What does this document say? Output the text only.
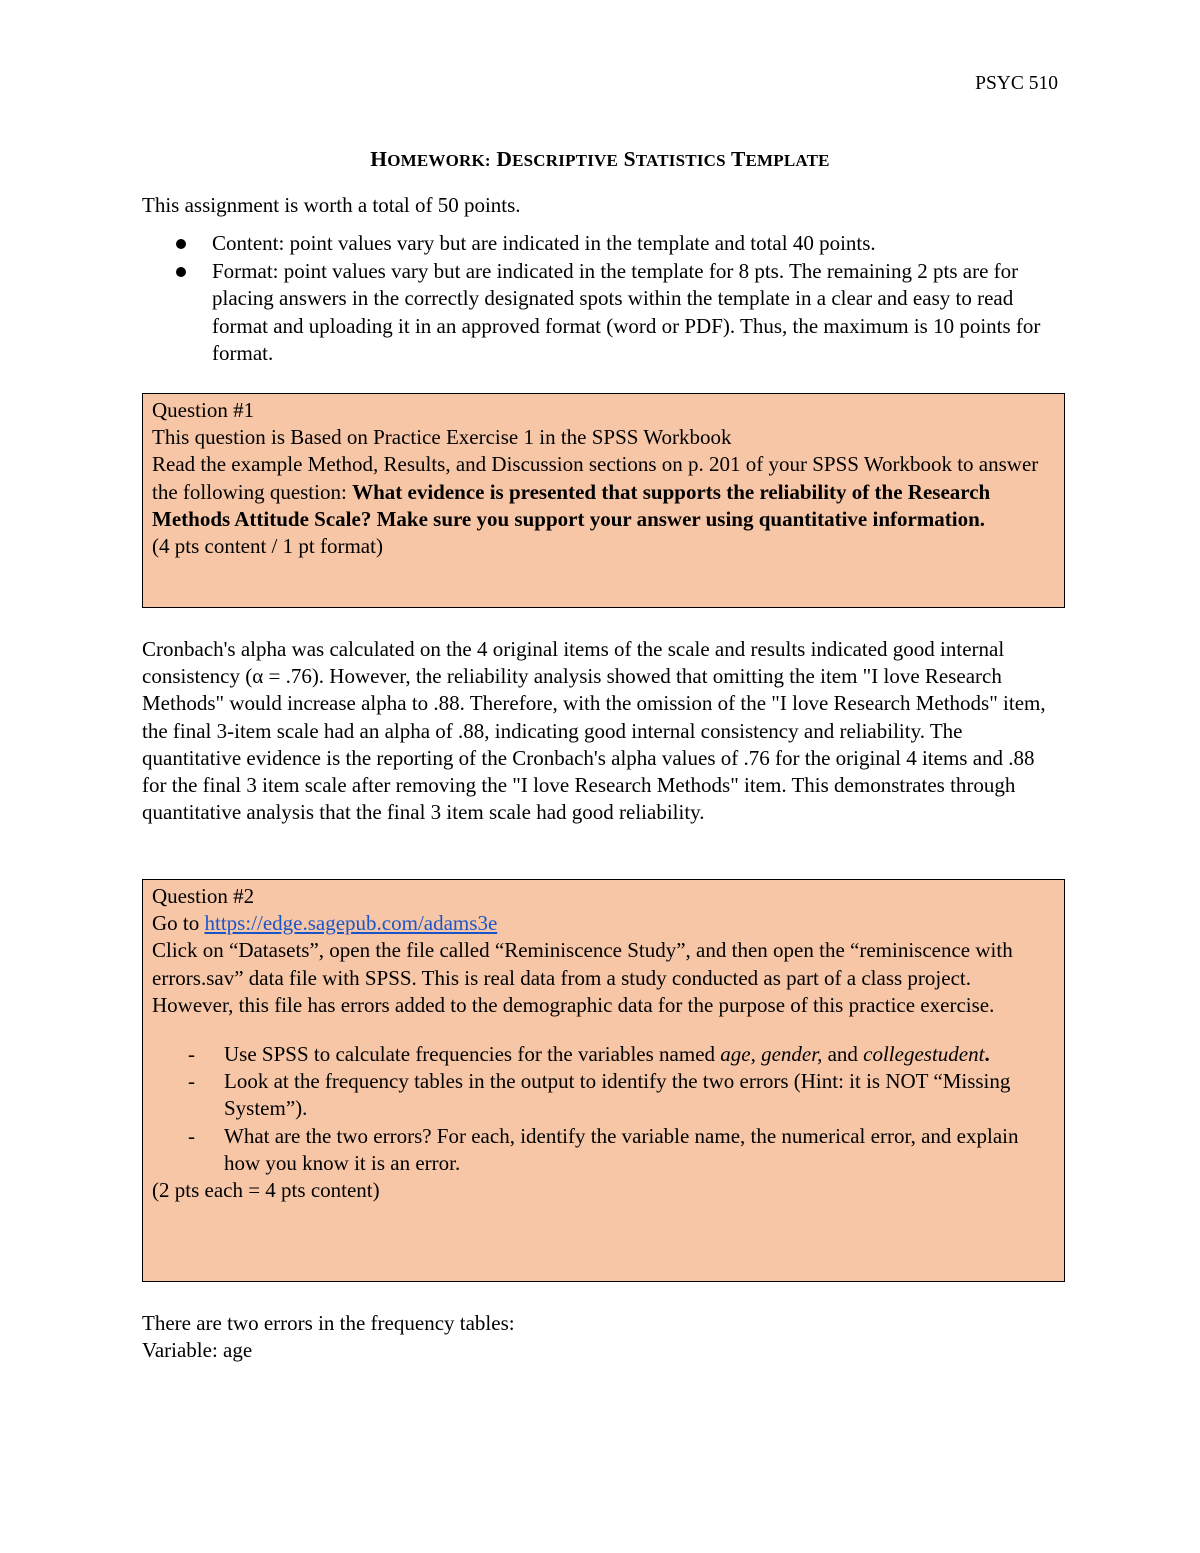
PSYC 510
HOMEWORK: DESCRIPTIVE STATISTICS TEMPLATE
This assignment is worth a total of 50 points.
Content: point values vary but are indicated in the template and total 40 points.
Format: point values vary but are indicated in the template for 8 pts. The remaining 2 pts are for placing answers in the correctly designated spots within the template in a clear and easy to read format and uploading it in an approved format (word or PDF). Thus, the maximum is 10 points for format.
Question #1
This question is Based on Practice Exercise 1 in the SPSS Workbook
Read the example Method, Results, and Discussion sections on p. 201 of your SPSS Workbook to answer the following question: What evidence is presented that supports the reliability of the Research Methods Attitude Scale? Make sure you support your answer using quantitative information.
(4 pts content / 1 pt format)
Cronbach's alpha was calculated on the 4 original items of the scale and results indicated good internal consistency (α = .76). However, the reliability analysis showed that omitting the item "I love Research Methods" would increase alpha to .88. Therefore, with the omission of the "I love Research Methods" item, the final 3-item scale had an alpha of .88, indicating good internal consistency and reliability. The quantitative evidence is the reporting of the Cronbach's alpha values of .76 for the original 4 items and .88 for the final 3 item scale after removing the "I love Research Methods" item. This demonstrates through quantitative analysis that the final 3 item scale had good reliability.
Question #2
Go to https://edge.sagepub.com/adams3e
Click on “Datasets”, open the file called “Reminiscence Study”, and then open the “reminiscence with errors.sav” data file with SPSS. This is real data from a study conducted as part of a class project. However, this file has errors added to the demographic data for the purpose of this practice exercise.
- Use SPSS to calculate frequencies for the variables named age, gender, and collegestudent.
- Look at the frequency tables in the output to identify the two errors (Hint: it is NOT “Missing System”).
- What are the two errors? For each, identify the variable name, the numerical error, and explain how you know it is an error.
(2 pts each = 4 pts content)
There are two errors in the frequency tables:
Variable: age
